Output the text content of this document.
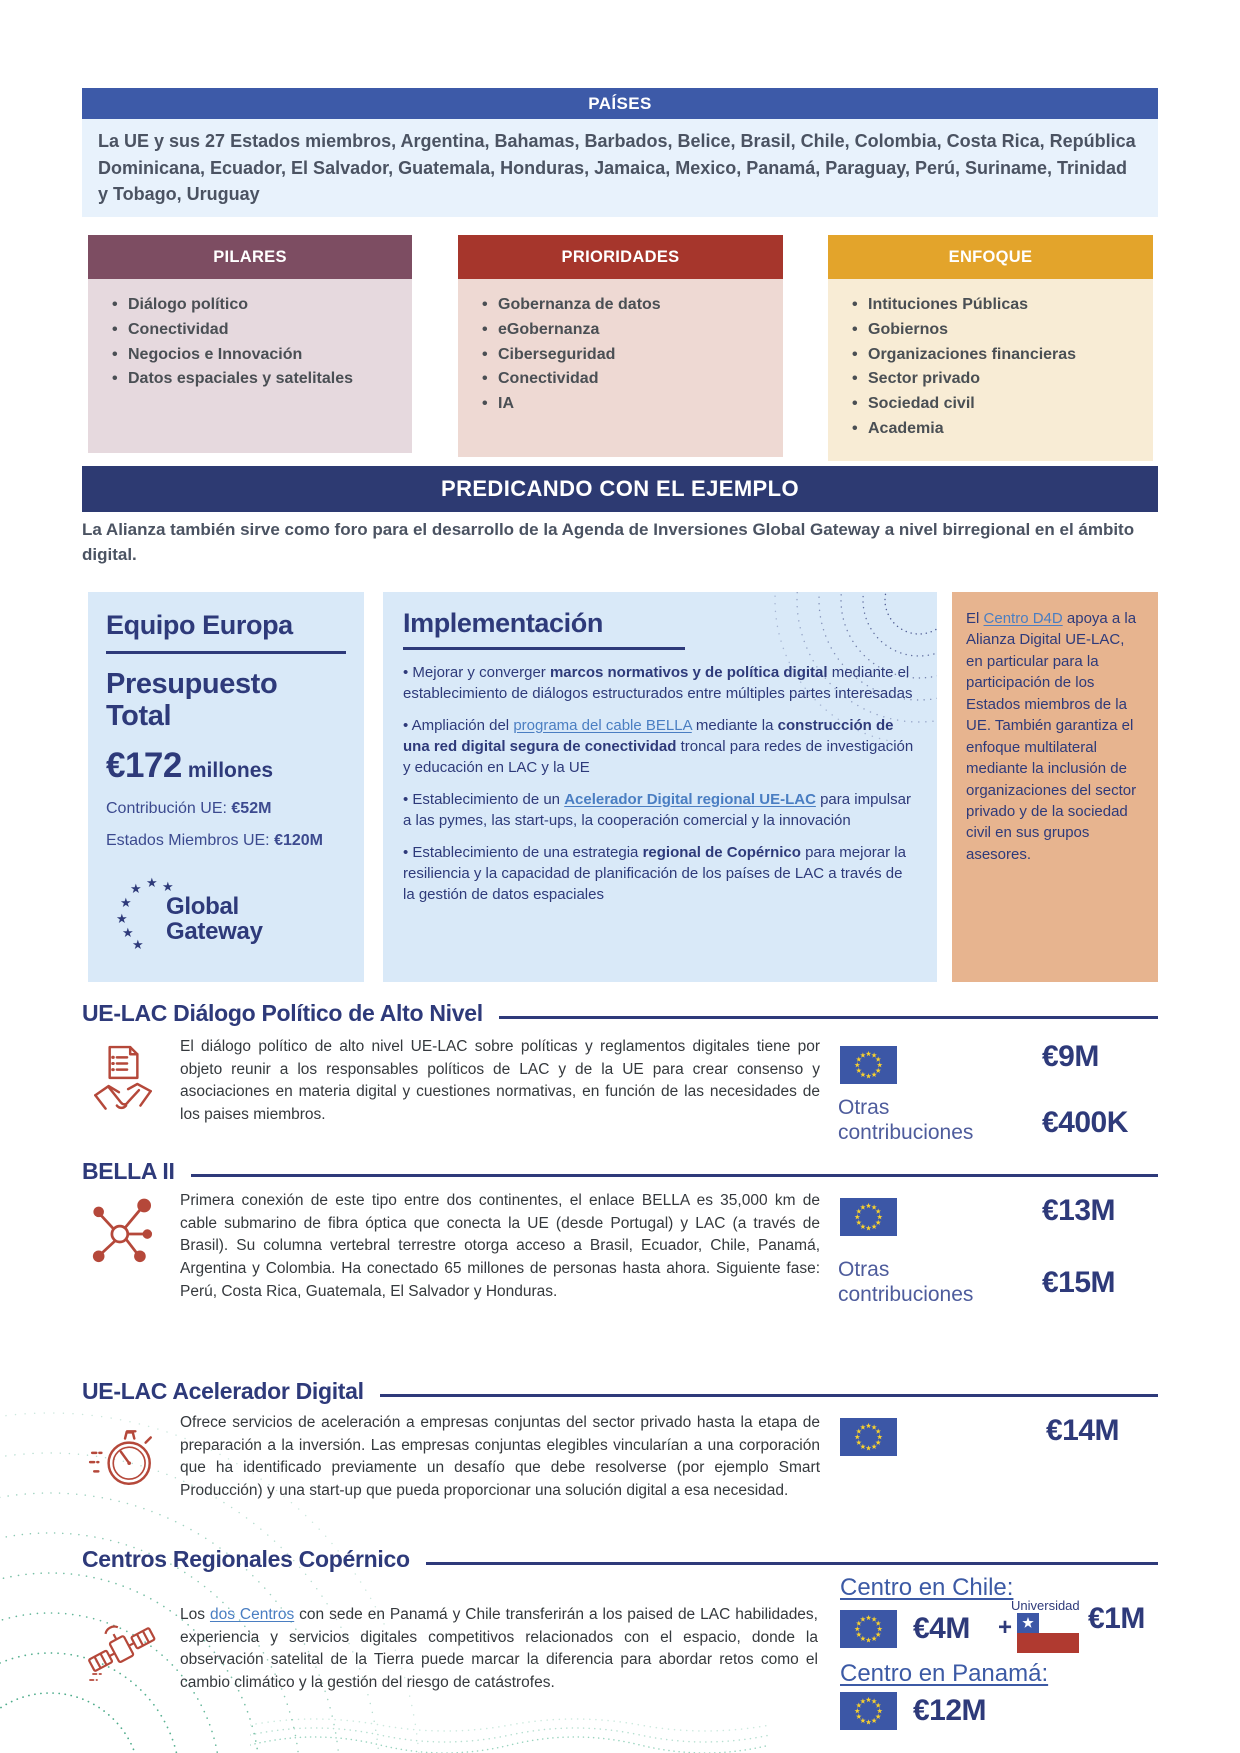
PAÍSES
La UE y sus 27 Estados miembros, Argentina, Bahamas, Barbados, Belice, Brasil, Chile, Colombia, Costa Rica, República Dominicana, Ecuador, El Salvador, Guatemala, Honduras, Jamaica, Mexico, Panamá, Paraguay, Perú, Suriname, Trinidad y Tobago, Uruguay
PILARES
• Diálogo político
• Conectividad
• Negocios e Innovación
• Datos espaciales y satelitales
PRIORIDADES
• Gobernanza de datos
• eGobernanza
• Ciberseguridad
• Conectividad
• IA
ENFOQUE
• Intituciones Públicas
• Gobiernos
• Organizaciones financieras
• Sector privado
• Sociedad civil
• Academia
PREDICANDO CON EL EJEMPLO

La Alianza también sirve como foro para el desarrollo de la Agenda de Inversiones Global Gateway a nivel birregional en el ámbito digital.

Equipo Europa
Presupuesto Total
€172 millones
Contribución UE: €52M
Estados Miembros UE: €120M
★ ★
★
★
★
★
★
Global
Gateway
Implementación

• Mejorar y converger marcos normativos y de política digital mediante el establecimiento de diálogos estructurados entre múltiples partes interesadas

• Ampliación del programa del cable BELLA mediante la construcción de una red digital segura de conectividad troncal para redes de investigación y educación en LAC y la UE

• Establecimiento de un Acelerador Digital regional UE-LAC para impulsar a las pymes, las start-ups, la cooperación comercial y la innovación

• Establecimiento de una estrategia regional de Copérnico para mejorar la resiliencia y la capacidad de planificación de los países de LAC a través de la gestión de datos espaciales

El Centro D4D apoya a la Alianza Digital UE-LAC, en particular para la participación de los Estados miembros de la UE. También garantiza el enfoque multilateral mediante la inclusión de organizaciones del sector privado y de la sociedad civil en sus grupos asesores.

UE-LAC Diálogo Político de Alto Nivel

El diálogo político de alto nivel UE-LAC sobre políticas y reglamentos digitales tiene por objeto reunir a los responsables políticos de LAC y de la UE para crear consenso y asociaciones en materia digital y cuestiones normativas, en función de las necesidades de los paises miembros.

€9M
Otras contribuciones	€400K
BELLA II

Primera conexión de este tipo entre dos continentes, el enlace BELLA es 35,000 km de cable submarino de fibra óptica que conecta la UE (desde Portugal) y LAC (a través de Brasil). Su columna vertebral terrestre otorga acceso a Brasil, Ecuador, Chile, Panamá, Argentina y Colombia. Ha conectado 65 millones de personas hasta ahora. Siguiente fase: Perú, Costa Rica, Guatemala, El Salvador y Honduras.

€13M
Otras contribuciones	€15M
UE-LAC Acelerador Digital

Ofrece servicios de aceleración a empresas conjuntas del sector privado hasta la etapa de preparación a la inversión. Las empresas conjuntas elegibles vincularían a una corporación que ha identificado previamente un desafío que debe resolverse (por ejemplo Smart Producción) y una start-up que pueda proporcionar una solución digital a esa necesidad.

€14M
Centros Regionales Copérnico

Los dos Centros con sede en Panamá y Chile transferirán a los paised de LAC habilidades, experiencia y servicios digitales competitivos relacionados con el espacio, donde la observación satelital de la Tierra puede marcar la diferencia para abordar retos como el cambio climático y la gestión del riesgo de catástrofes.

Centro en Chile:
€4M +
Universidad €1M
Centro en Panamá:
€12M
